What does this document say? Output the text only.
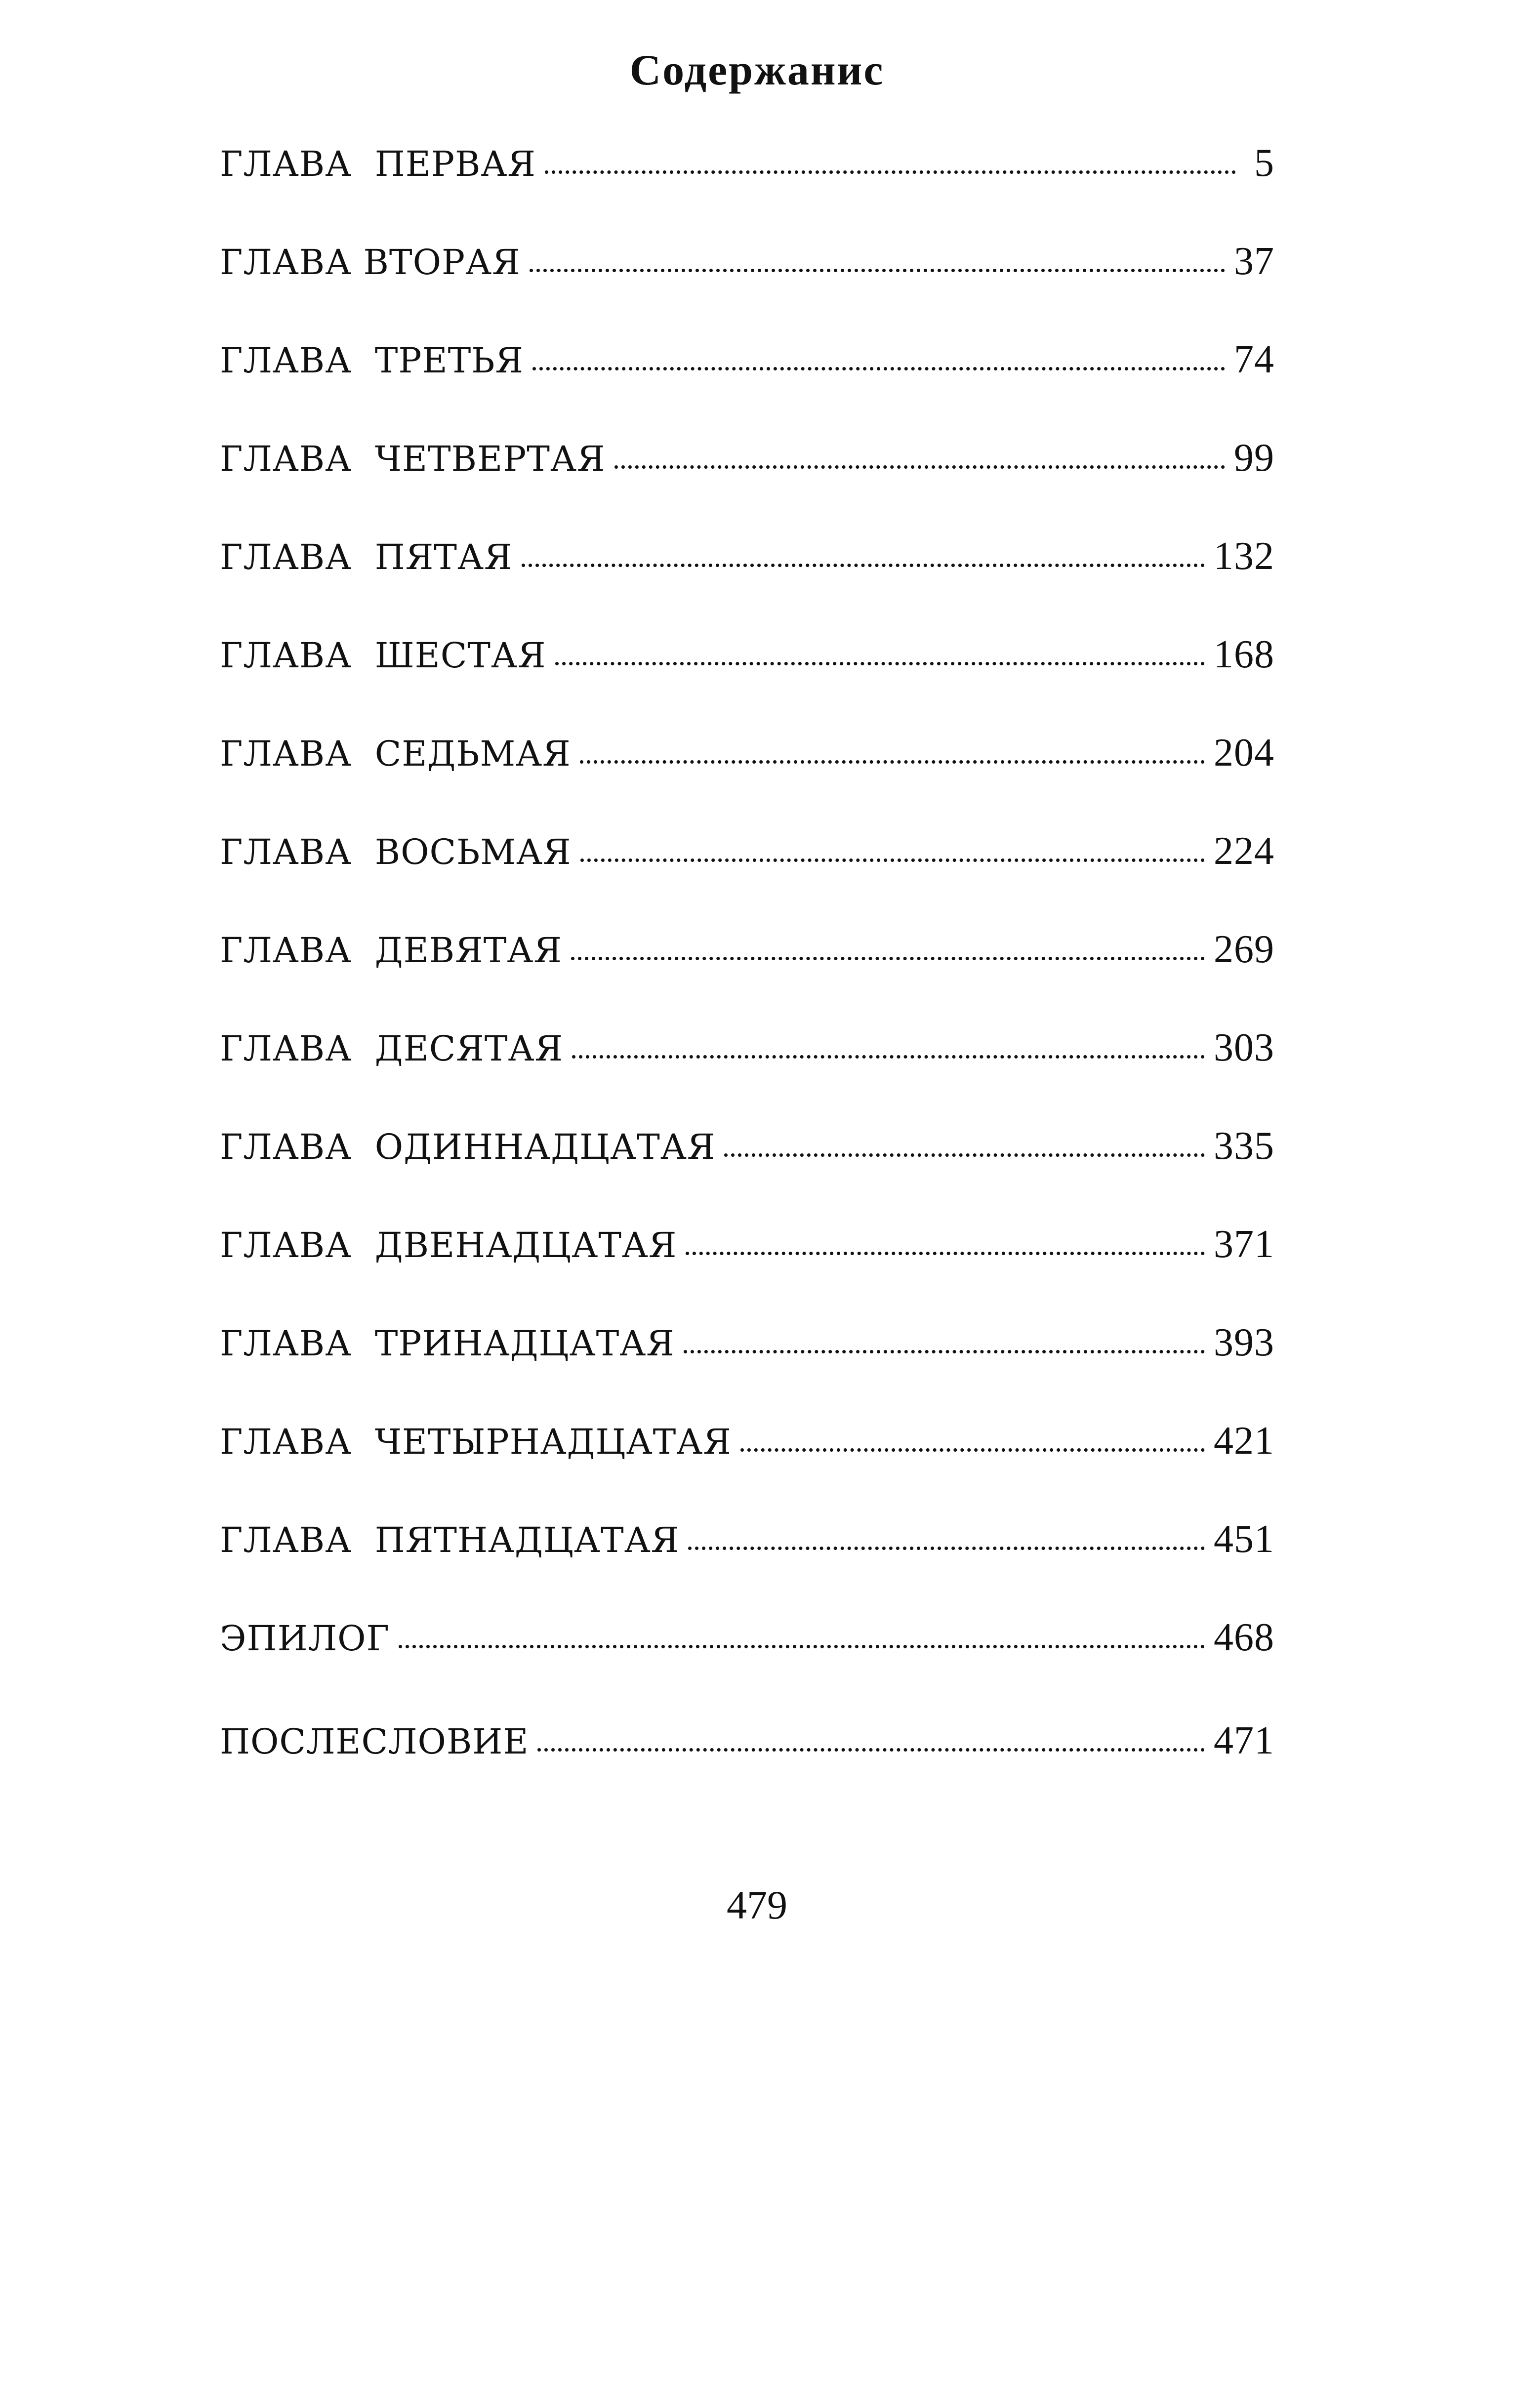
Содержанис
ГЛАВА  ПЕРВАЯ	5
ГЛАВА ВТОРАЯ	37
ГЛАВА  ТРЕТЬЯ	74
ГЛАВА  ЧЕТВЕРТАЯ	99
ГЛАВА  ПЯТАЯ	132
ГЛАВА  ШЕСТАЯ	168
ГЛАВА  СЕДЬМАЯ	204
ГЛАВА  ВОСЬМАЯ	224
ГЛАВА  ДЕВЯТАЯ	269
ГЛАВА  ДЕСЯТАЯ	303
ГЛАВА  ОДИННАДЦАТАЯ	335
ГЛАВА  ДВЕНАДЦАТАЯ	371
ГЛАВА  ТРИНАДЦАТАЯ	393
ГЛАВА  ЧЕТЫРНАДЦАТАЯ	421
ГЛАВА  ПЯТНАДЦАТАЯ	451
ЭПИЛОГ	468
ПОСЛЕСЛОВИЕ	471
479
